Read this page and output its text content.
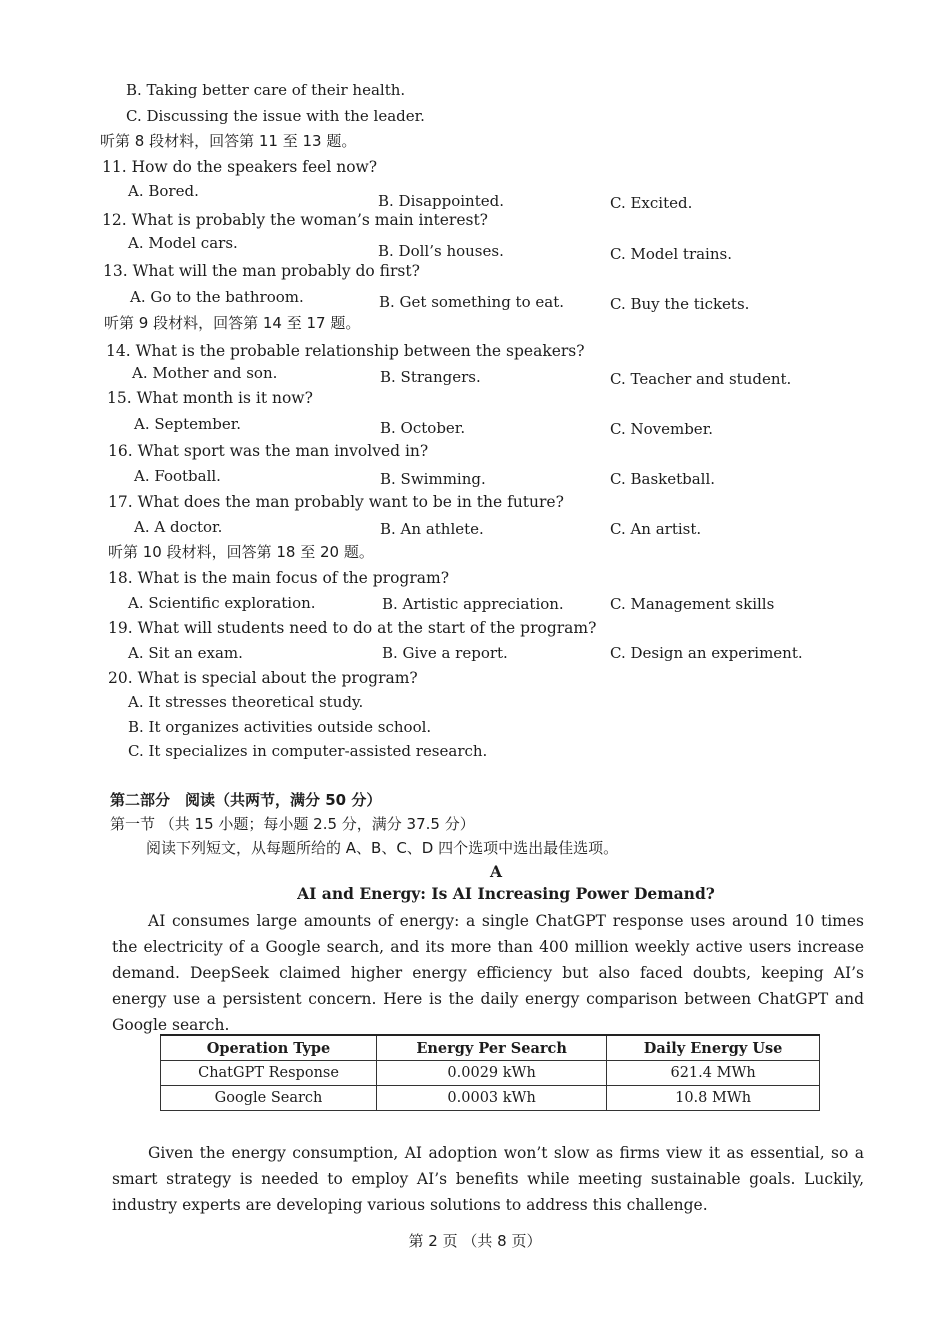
B. Taking better care of their health.
C. Discussing the issue with the leader.
听第 8 段材料，回答第 11 至 13 题。
11. How do the speakers feel now?
A. Bored.
B. Disappointed.	C. Excited.
12. What is probably the woman’s main interest?
A. Model cars.	B. Doll’s houses.	C. Model trains.
13. What will the man probably do first?
A. Go to the bathroom.	B. Get something to eat.	C. Buy the tickets.
听第 9 段材料，回答第 14 至 17 题。
14. What is the probable relationship between the speakers?
A. Mother and son.	B. Strangers.	C. Teacher and student.
15. What month is it now?
A. September.	B. October.	C. November.
16. What sport was the man involved in?
A. Football.	B. Swimming.	C. Basketball.
17. What does the man probably want to be in the future?
A. A doctor.	B. An athlete.	C. An artist.
听第 10 段材料，回答第 18 至 20 题。
18. What is the main focus of the program?
A. Scientific exploration.	B. Artistic appreciation.	C. Management skills
19. What will students need to do at the start of the program?
A. Sit an exam.	B. Give a report.	C. Design an experiment.
20. What is special about the program?
A. It stresses theoretical study.
B. It organizes activities outside school.
C. It specializes in computer-assisted research.
第二部分　阅读（共两节，满分 50 分）
第一节 （共 15 小题；每小题 2.5 分，满分 37.5 分）
阅读下列短文，从每题所给的 A、B、C、D 四个选项中选出最佳选项。
A
AI and Energy: Is AI Increasing Power Demand?

AI consumes large amounts of energy: a single ChatGPT response uses around 10 times the electricity of a Google search, and its more than 400 million weekly active users increase demand. DeepSeek claimed higher energy efficiency but also faced doubts, keeping AI’s energy use a persistent concern. Here is the daily energy comparison between ChatGPT and Google search.

Operation Type	Energy Per Search	Daily Energy Use
ChatGPT Response	0.0029 kWh	621.4 MWh
Google Search	0.0003 kWh	10.8 MWh

Given the energy consumption, AI adoption won’t slow as firms view it as essential, so a smart strategy is needed to employ AI’s benefits while meeting sustainable goals. Luckily, industry experts are developing various solutions to address this challenge.

第 2 页 （共 8 页）
